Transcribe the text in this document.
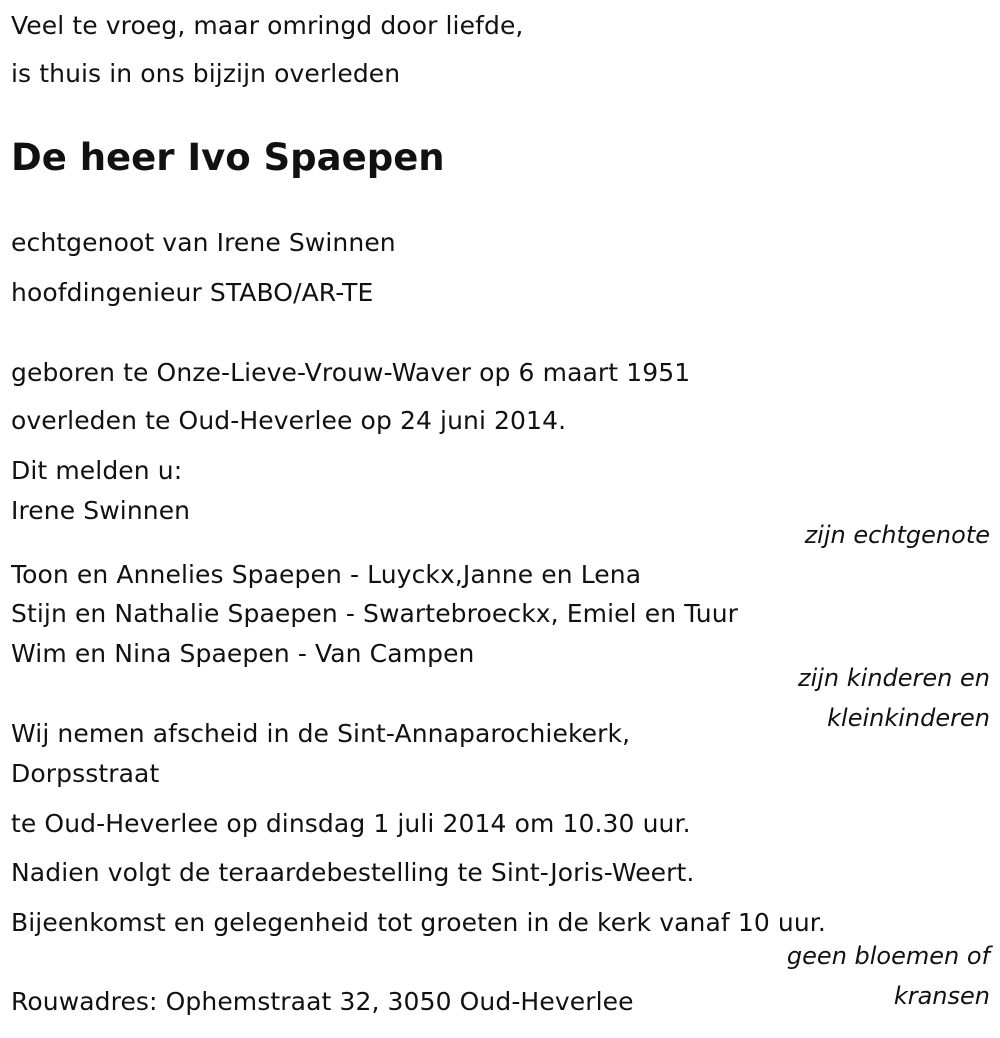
Veel te vroeg, maar omringd door liefde,
is thuis in ons bijzijn overleden
De heer Ivo Spaepen
echtgenoot van Irene Swinnen
hoofdingenieur STABO/AR-TE
geboren te Onze-Lieve-Vrouw-Waver op 6 maart 1951
overleden te Oud-Heverlee op 24 juni 2014.
Dit melden u:
Irene Swinnen
zijn echtgenote
Toon en Annelies Spaepen - Luyckx,Janne en Lena
Stijn en Nathalie Spaepen - Swartebroeckx, Emiel en Tuur
Wim en Nina Spaepen - Van Campen
zijn kinderen en
kleinkinderen
Wij nemen afscheid in de Sint-Annaparochiekerk,
Dorpsstraat
te Oud-Heverlee op dinsdag 1 juli 2014 om 10.30 uur.
Nadien volgt de teraardebestelling te Sint-Joris-Weert.
Bijeenkomst en gelegenheid tot groeten in de kerk vanaf 10 uur.
geen bloemen of
kransen
Rouwadres: Ophemstraat 32, 3050 Oud-Heverlee
